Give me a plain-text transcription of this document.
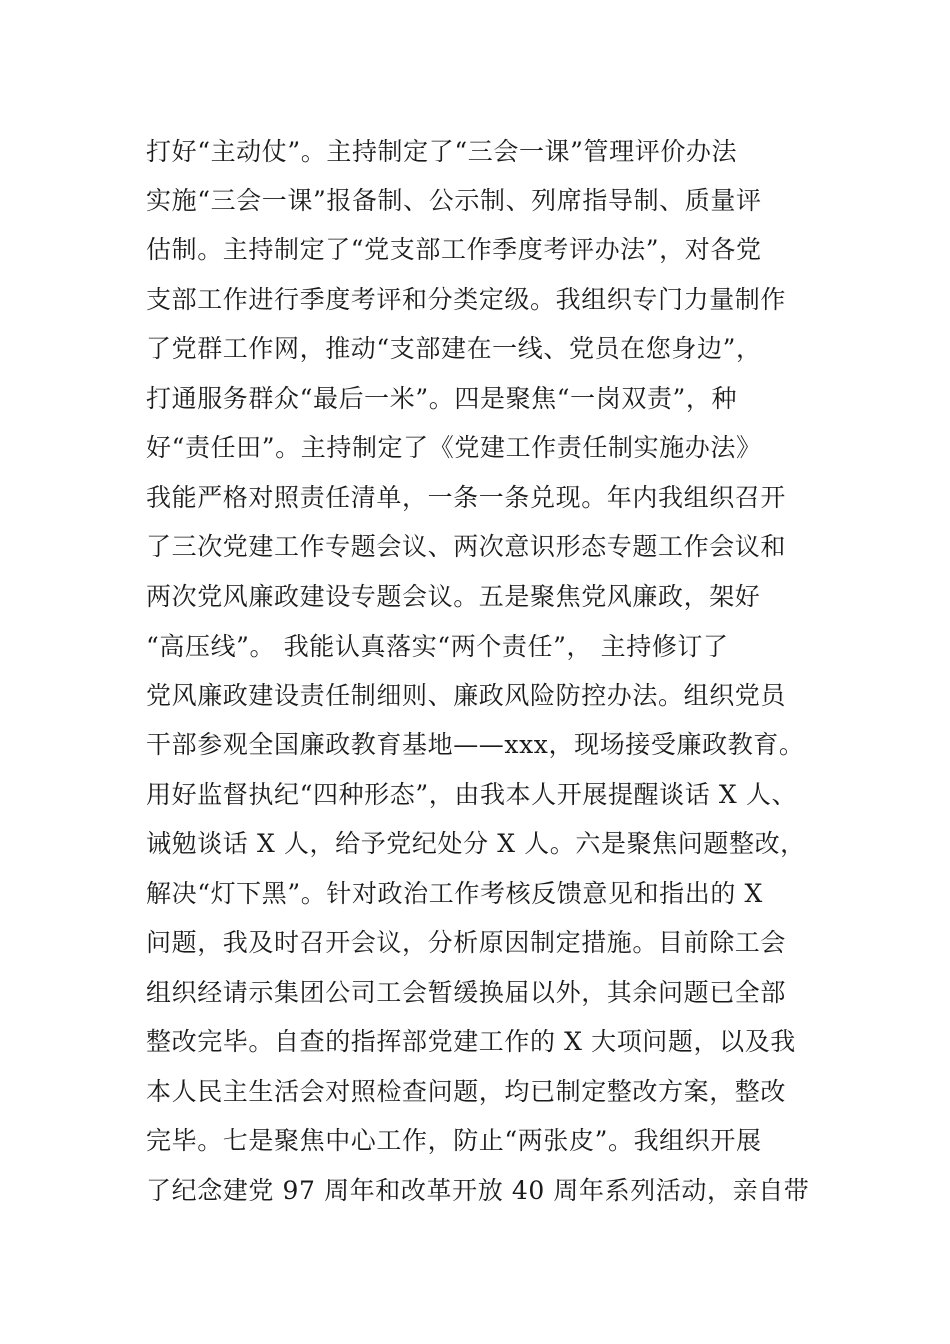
打好“主动仗”。主持制定了“三会一课”管理评价办法
实施“三会一课”报备制、公示制、列席指导制、质量评
估制。主持制定了“党支部工作季度考评办法”，对各党
支部工作进行季度考评和分类定级。我组织专门力量制作
了党群工作网，推动“支部建在一线、党员在您身边”，
打通服务群众“最后一米”。四是聚焦“一岗双责”，种
好“责任田”。主持制定了《党建工作责任制实施办法》
我能严格对照责任清单，一条一条兑现。年内我组织召开
了三次党建工作专题会议、两次意识形态专题工作会议和
两次党风廉政建设专题会议。五是聚焦党风廉政，架好
“高压线”。 我能认真落实“两个责任”， 主持修订了
党风廉政建设责任制细则、廉政风险防控办法。组织党员
干部参观全国廉政教育基地——xxx，现场接受廉政教育。
用好监督执纪“四种形态”，由我本人开展提醒谈话 X 人、
诫勉谈话 X 人，给予党纪处分 X 人。六是聚焦问题整改，
解决“灯下黑”。针对政治工作考核反馈意见和指出的 X
问题，我及时召开会议，分析原因制定措施。目前除工会
组织经请示集团公司工会暂缓换届以外，其余问题已全部
整改完毕。自查的指挥部党建工作的 X 大项问题，以及我
本人民主生活会对照检查问题，均已制定整改方案，整改
完毕。七是聚焦中心工作，防止“两张皮”。我组织开展
了纪念建党 97 周年和改革开放 40 周年系列活动，亲自带
